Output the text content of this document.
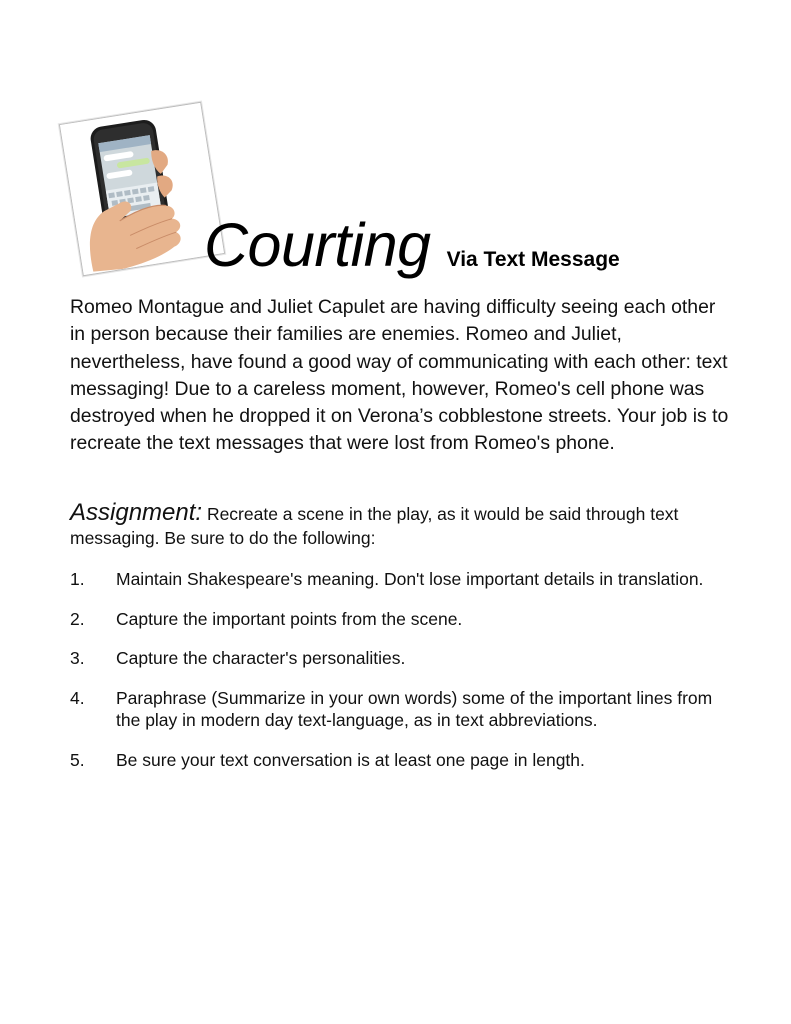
Courting Via Text Message

Romeo Montague and Juliet Capulet are having difficulty seeing each other in person because their families are enemies. Romeo and Juliet, nevertheless, have found a good way of communicating with each other: text messaging! Due to a careless moment, however, Romeo's cell phone was destroyed when he dropped it on Verona’s cobblestone streets. Your job is to recreate the text messages that were lost from Romeo's phone.

Assignment: Recreate a scene in the play, as it would be said through text messaging. Be sure to do the following:

1.	Maintain Shakespeare's meaning. Don't lose important details in translation.
2.	Capture the important points from the scene.
3.	Capture the character's personalities.
4.	Paraphrase (Summarize in your own words) some of the important lines from the play in modern day text-language, as in text abbreviations.
5.	Be sure your text conversation is at least one page in length.
